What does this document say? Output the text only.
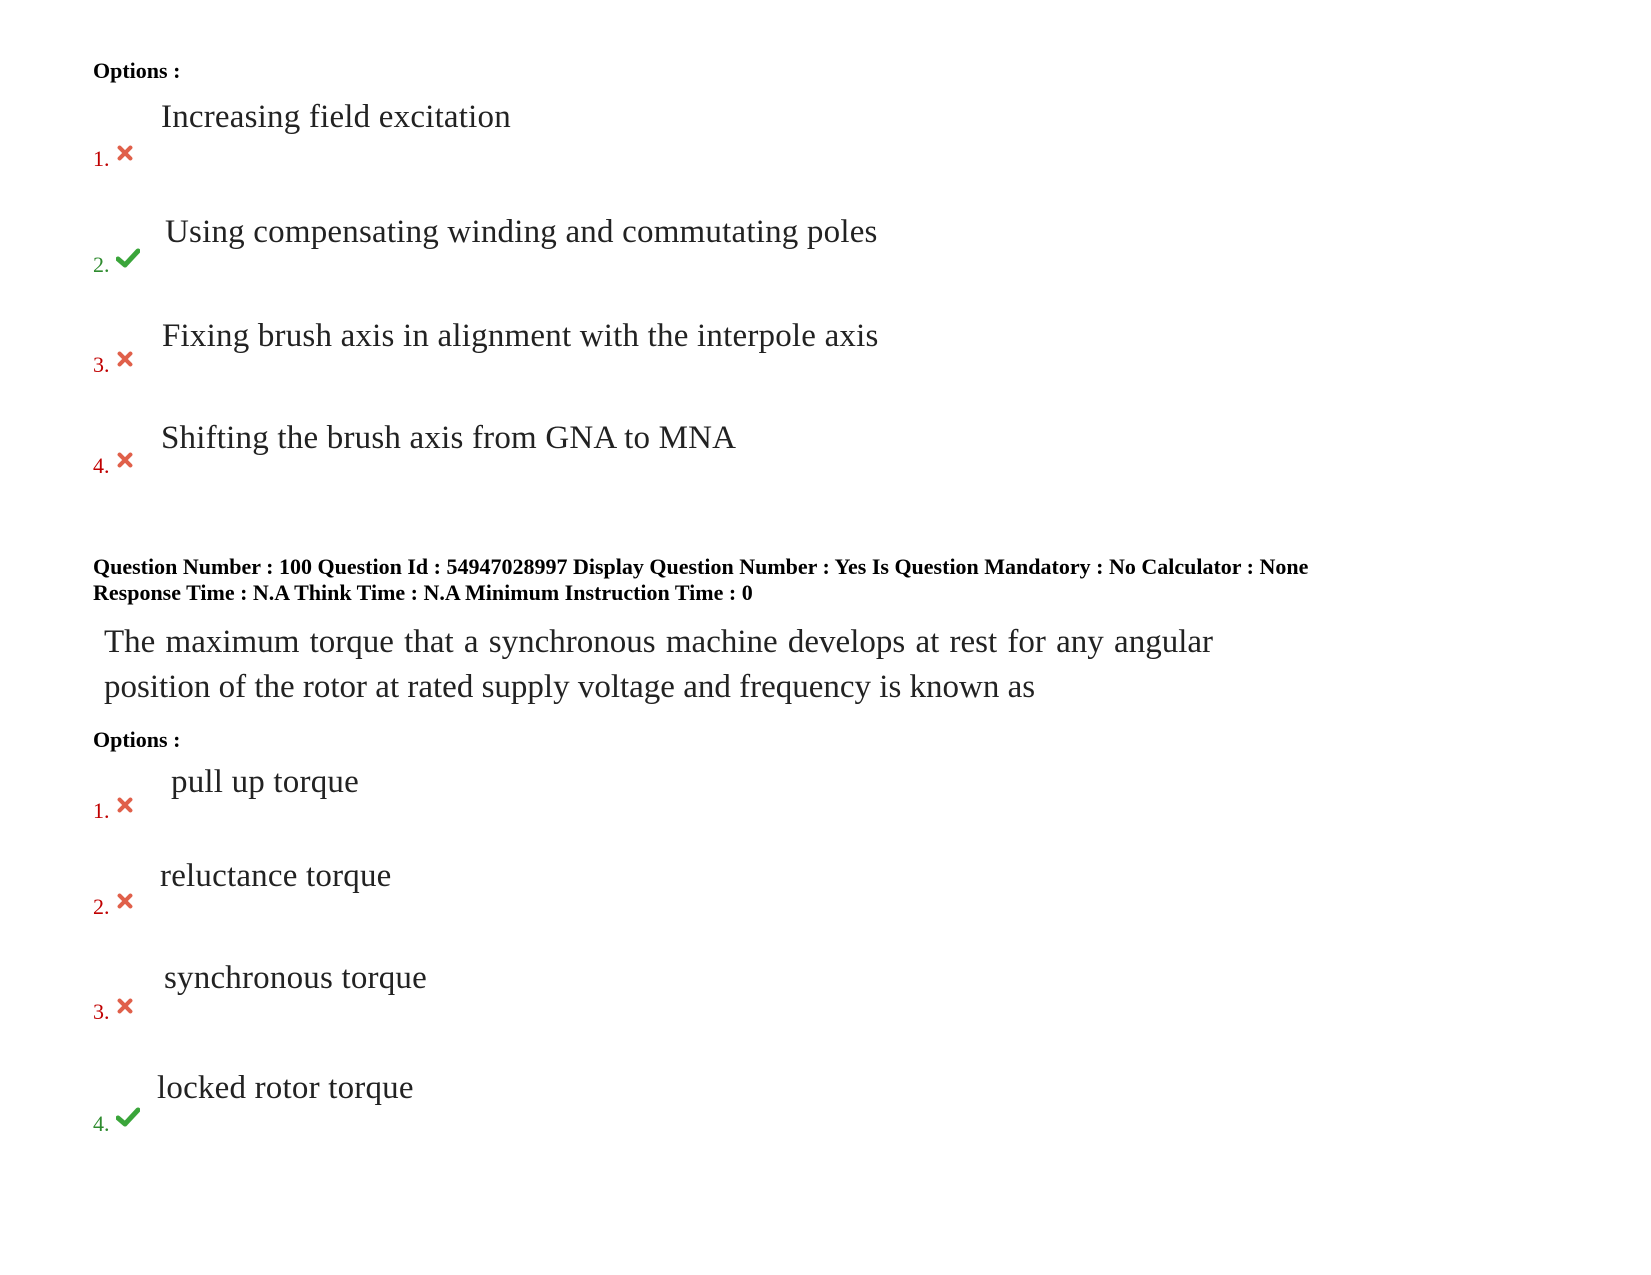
Options :
Increasing field excitation
1.
Using compensating winding and commutating poles
2.
Fixing brush axis in alignment with the interpole axis
3.
Shifting the brush axis from GNA to MNA
4.
Question Number : 100 Question Id : 54947028997 Display Question Number : Yes Is Question Mandatory : No Calculator : None
Response Time : N.A Think Time : N.A Minimum Instruction Time : 0
The maximum torque that a synchronous machine develops at rest for any angular
position of the rotor at rated supply voltage and frequency is known as
Options :
pull up torque
1.
reluctance torque
2.
synchronous torque
3.
locked rotor torque
4.
